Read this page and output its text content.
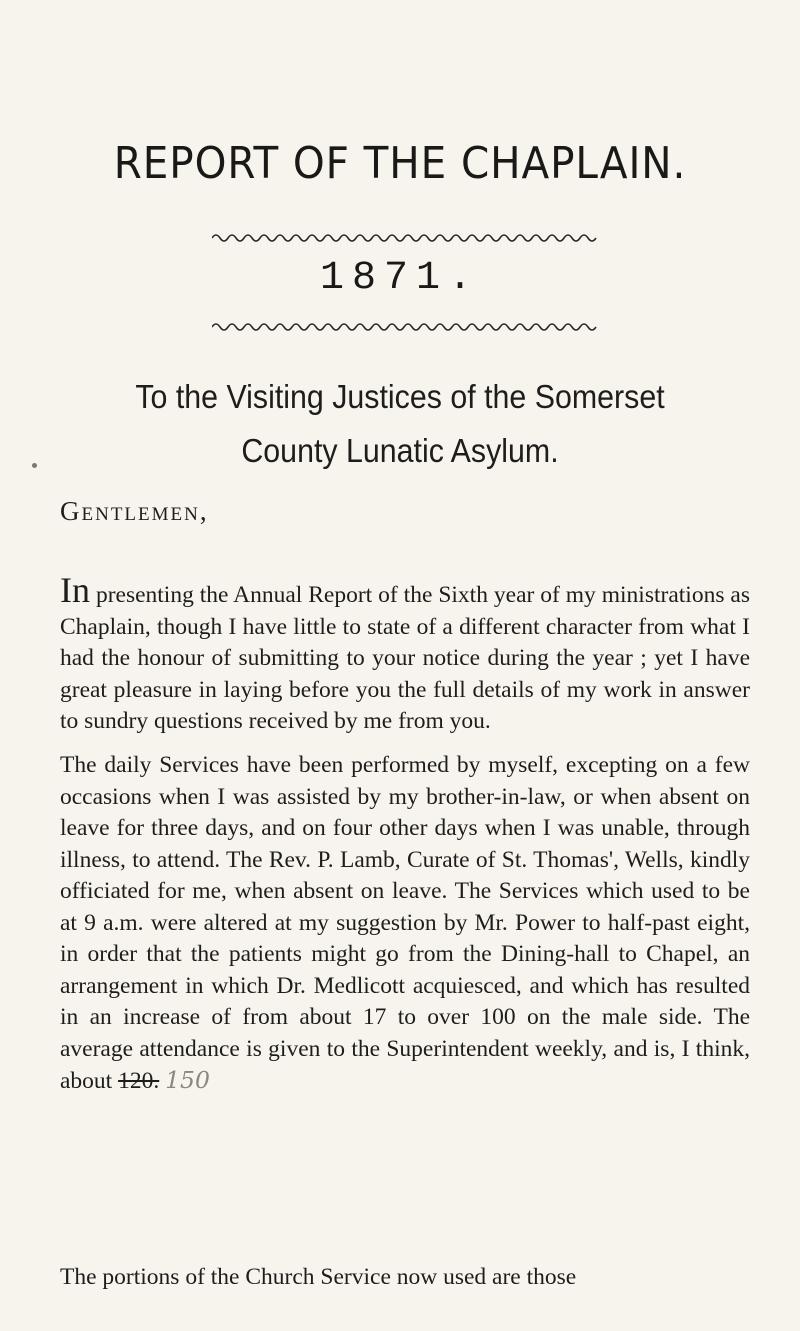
REPORT OF THE CHAPLAIN.
1871.
To the Visiting Justices of the Somerset County Lunatic Asylum.
Gentlemen,

In presenting the Annual Report of the Sixth year of my ministrations as Chaplain, though I have little to state of a different character from what I had the honour of submitting to your notice during the year ; yet I have great pleasure in laying before you the full details of my work in answer to sundry questions received by me from you.

The daily Services have been performed by myself, excepting on a few occasions when I was assisted by my brother-in-law, or when absent on leave for three days, and on four other days when I was unable, through illness, to attend. The Rev. P. Lamb, Curate of St. Thomas', Wells, kindly officiated for me, when absent on leave. The Services which used to be at 9 a.m. were altered at my suggestion by Mr. Power to half-past eight, in order that the patients might go from the Dining-hall to Chapel, an arrangement in which Dr. Medlicott acquiesced, and which has resulted in an increase of from about 17 to over 100 on the male side. The average attendance is given to the Superintendent weekly, and is, I think, about 120. 150

The portions of the Church Service now used are those
